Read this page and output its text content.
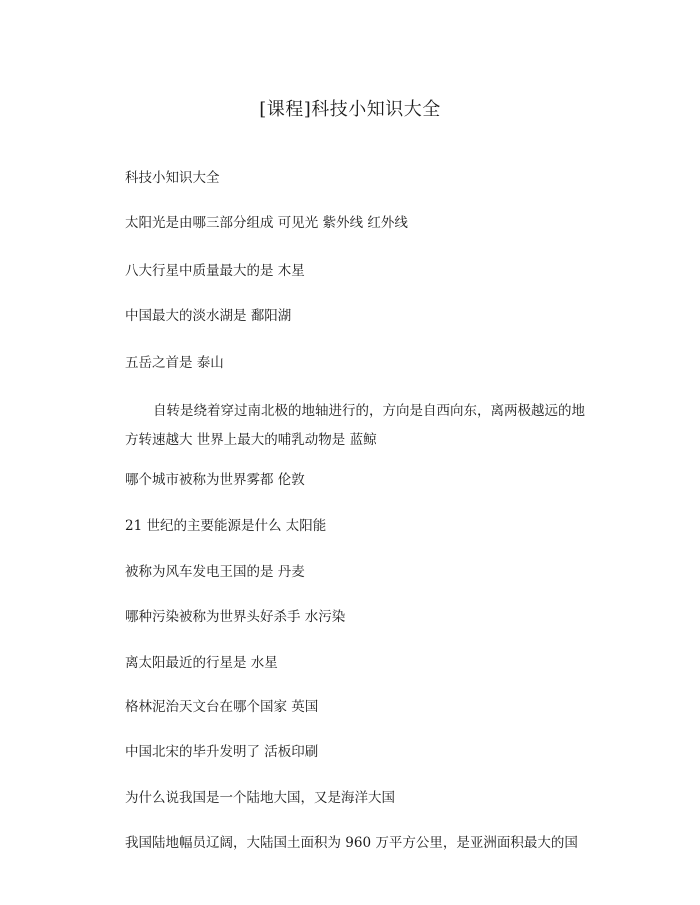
[课程]科技小知识大全
科技小知识大全
太阳光是由哪三部分组成 可见光 紫外线 红外线
八大行星中质量最大的是 木星
中国最大的淡水湖是 鄱阳湖
五岳之首是 泰山
自转是绕着穿过南北极的地轴进行的，方向是自西向东，离两极越远的地方转速越大 世界上最大的哺乳动物是 蓝鲸
哪个城市被称为世界雾都 伦敦
21 世纪的主要能源是什么 太阳能
被称为风车发电王国的是 丹麦
哪种污染被称为世界头好杀手 水污染
离太阳最近的行星是 水星
格林泥治天文台在哪个国家 英国
中国北宋的毕升发明了 活板印刷
为什么说我国是一个陆地大国，又是海洋大国
我国陆地幅员辽阔，大陆国土面积为 960 万平方公里，是亚洲面积最大的国
